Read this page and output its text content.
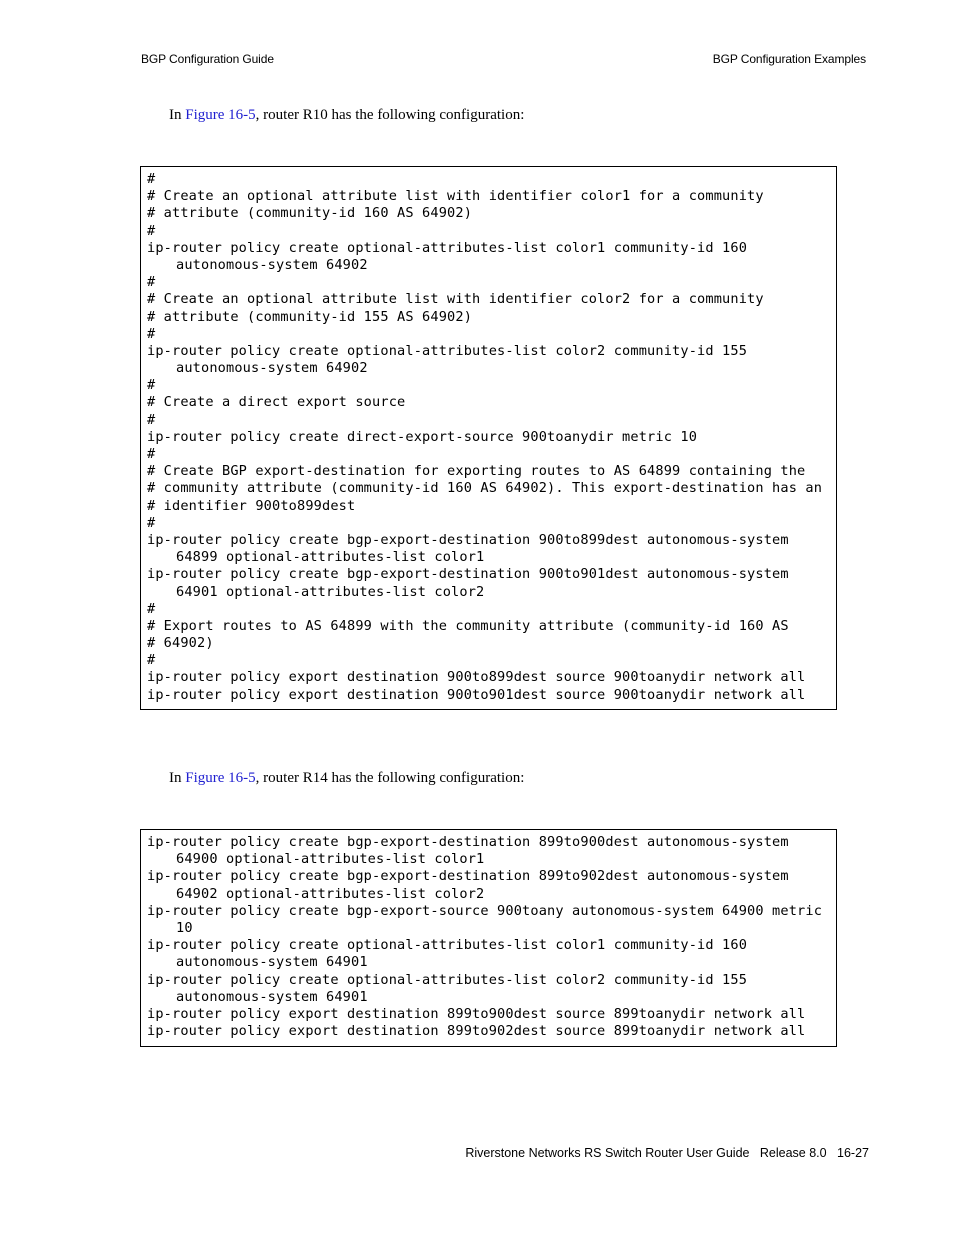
BGP Configuration Guide	BGP Configuration Examples
In Figure 16-5, router R10 has the following configuration:
#
# Create an optional attribute list with identifier color1 for a community
# attribute (community-id 160 AS 64902)
#
ip-router policy create optional-attributes-list color1 community-id 160
autonomous-system 64902
#
# Create an optional attribute list with identifier color2 for a community
# attribute (community-id 155 AS 64902)
#
ip-router policy create optional-attributes-list color2 community-id 155
autonomous-system 64902
#
# Create a direct export source
#
ip-router policy create direct-export-source 900toanydir metric 10
#
# Create BGP export-destination for exporting routes to AS 64899 containing the
# community attribute (community-id 160 AS 64902). This export-destination has an
# identifier 900to899dest
#
ip-router policy create bgp-export-destination 900to899dest autonomous-system
64899 optional-attributes-list color1
ip-router policy create bgp-export-destination 900to901dest autonomous-system
64901 optional-attributes-list color2
#
# Export routes to AS 64899 with the community attribute (community-id 160 AS
# 64902)
#
ip-router policy export destination 900to899dest source 900toanydir network all
ip-router policy export destination 900to901dest source 900toanydir network all
In Figure 16-5, router R14 has the following configuration:
ip-router policy create bgp-export-destination 899to900dest autonomous-system
64900 optional-attributes-list color1
ip-router policy create bgp-export-destination 899to902dest autonomous-system
64902 optional-attributes-list color2
ip-router policy create bgp-export-source 900toany autonomous-system 64900 metric
10
ip-router policy create optional-attributes-list color1 community-id 160
autonomous-system 64901
ip-router policy create optional-attributes-list color2 community-id 155
autonomous-system 64901
ip-router policy export destination 899to900dest source 899toanydir network all
ip-router policy export destination 899to902dest source 899toanydir network all
Riverstone Networks RS Switch Router User Guide   Release 8.0   16-27
